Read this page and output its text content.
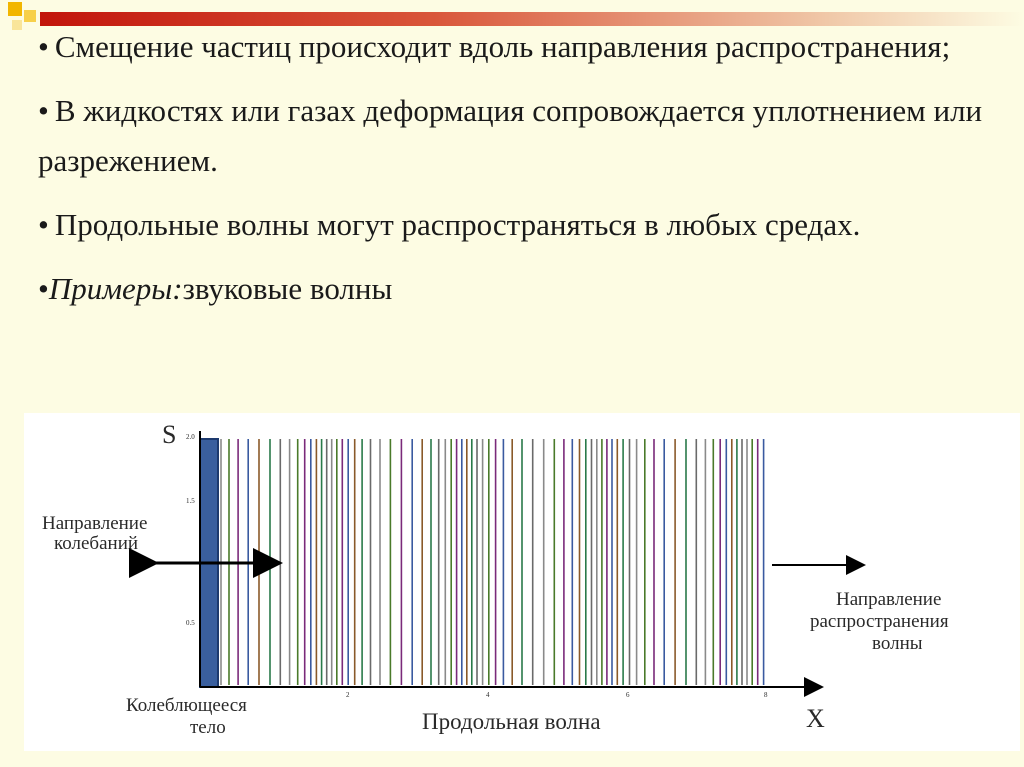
• Смещение частиц происходит вдоль направления распространения;
• В жидкостях или газах деформация сопровождается уплотнением или разрежением.
• Продольные волны могут распространяться в любых средах.
•Примеры:звуковые волны
S
X
2.0
1.5
0.5
2	4	6	8
Направление
колебаний
Направление
распространения
волны
Колеблющееся
тело	Продольная волна
